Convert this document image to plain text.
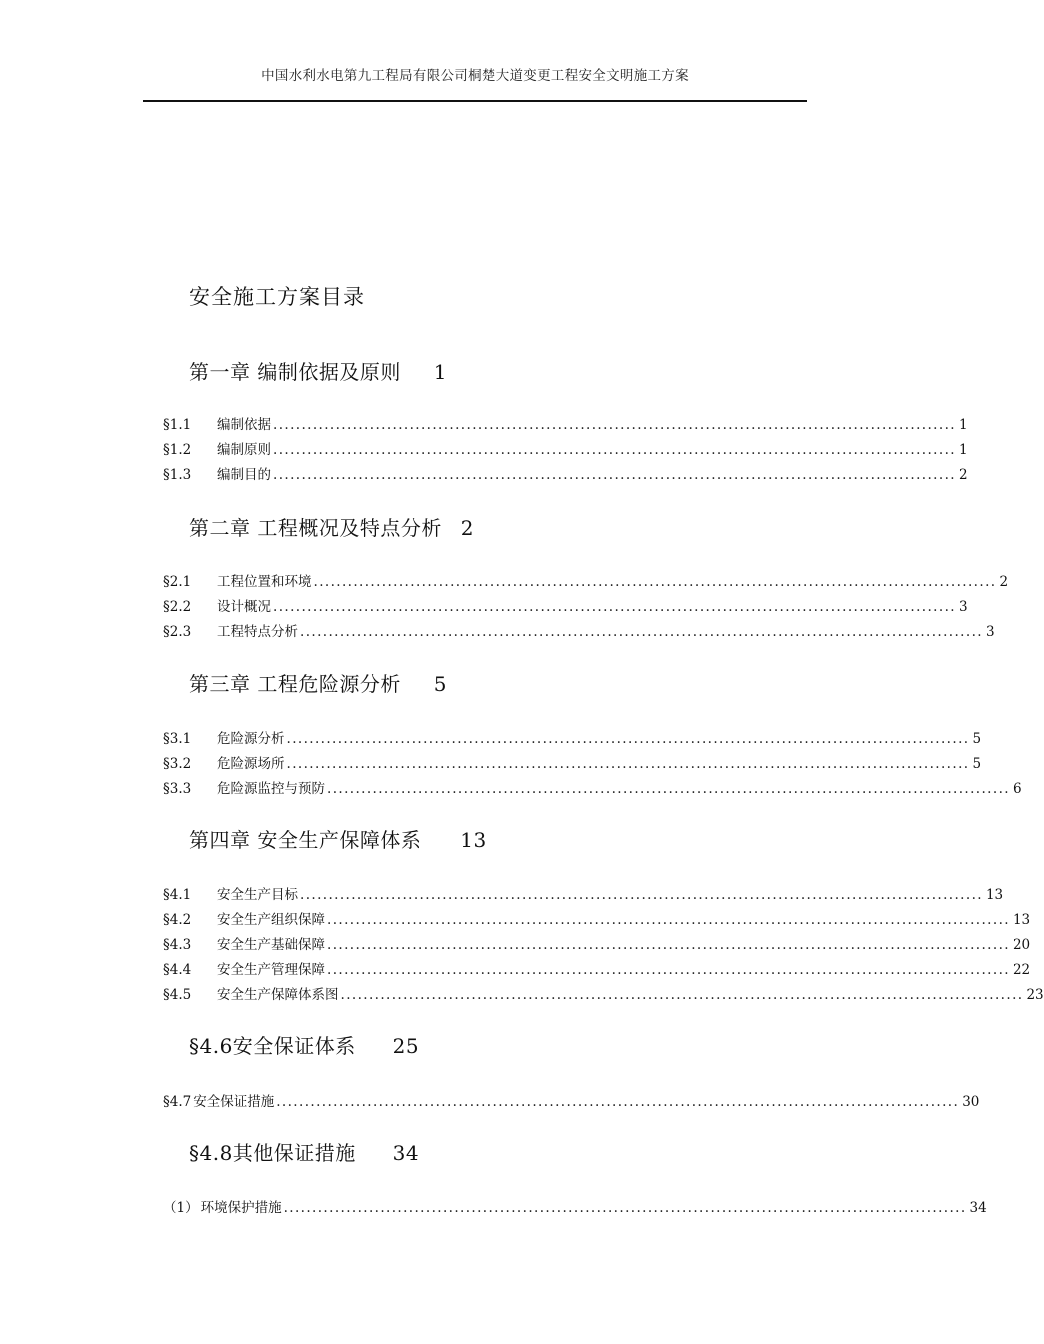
中国水利水电第九工程局有限公司桐楚大道变更工程安全文明施工方案
安全施工方案目录
第一章 编制依据及原则 1
§1.1	编制依据 ........................................................................................................................ 1
§1.2	编制原则 ........................................................................................................................ 1
§1.3	编制目的 ........................................................................................................................ 2
第二章 工程概况及特点分析 2
§2.1	工程位置和环境 ........................................................................................................................ 2
§2.2	设计概况 ........................................................................................................................ 3
§2.3	工程特点分析 ........................................................................................................................ 3
第三章 工程危险源分析 5
§3.1	危险源分析 ........................................................................................................................ 5
§3.2	危险源场所 ........................................................................................................................ 5
§3.3	危险源监控与预防 ........................................................................................................................ 6
第四章 安全生产保障体系 13
§4.1	安全生产目标 ........................................................................................................................ 13
§4.2	安全生产组织保障 ........................................................................................................................ 13
§4.3	安全生产基础保障 ........................................................................................................................ 20
§4.4	安全生产管理保障 ........................................................................................................................ 22
§4.5	安全生产保障体系图 ........................................................................................................................ 23
§4.6安全保证体系 25
§4.7 安全保证措施 ........................................................................................................................ 30
§4.8其他保证措施 34
（1） 环境保护措施 ........................................................................................................................ 34
